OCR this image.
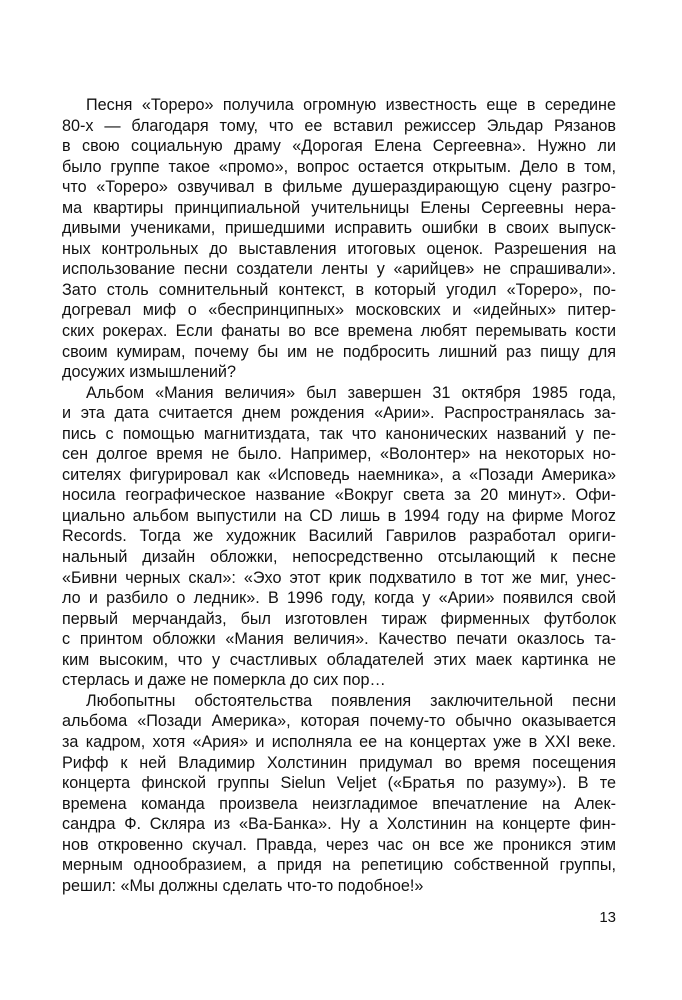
Песня «Тореро» получила огромную известность еще в середине
80-х — благодаря тому, что ее вставил режиссер Эльдар Рязанов
в свою социальную драму «Дорогая Елена Сергеевна». Нужно ли
было группе такое «промо», вопрос остается открытым. Дело в том,
что «Тореро» озвучивал в фильме душераздирающую сцену разгро-
ма квартиры принципиальной учительницы Елены Сергеевны нера-
дивыми учениками, пришедшими исправить ошибки в своих выпуск-
ных контрольных до выставления итоговых оценок. Разрешения на
использование песни создатели ленты у «арийцев» не спрашивали».
Зато столь сомнительный контекст, в который угодил «Тореро», по-
догревал миф о «беспринципных» московских и «идейных» питер-
ских рокерах. Если фанаты во все времена любят перемывать кости
своим кумирам, почему бы им не подбросить лишний раз пищу для
досужих измышлений?
Альбом «Мания величия» был завершен 31 октября 1985 года,
и эта дата считается днем рождения «Арии». Распространялась за-
пись с помощью магнитиздата, так что канонических названий у пе-
сен долгое время не было. Например, «Волонтер» на некоторых но-
сителях фигурировал как «Исповедь наемника», а «Позади Америка»
носила географическое название «Вокруг света за 20 минут». Офи-
циально альбом выпустили на CD лишь в 1994 году на фирме Moroz
Records. Тогда же художник Василий Гаврилов разработал ориги-
нальный дизайн обложки, непосредственно отсылающий к песне
«Бивни черных скал»: «Эхо этот крик подхватило в тот же миг, унес-
ло и разбило о ледник». В 1996 году, когда у «Арии» появился свой
первый мерчандайз, был изготовлен тираж фирменных футболок
с принтом обложки «Мания величия». Качество печати оказлось та-
ким высоким, что у счастливых обладателей этих маек картинка не
стерлась и даже не померкла до сих пор…
Любопытны обстоятельства появления заключительной песни
альбома «Позади Америка», которая почему-то обычно оказывается
за кадром, хотя «Ария» и исполняла ее на концертах уже в XXI веке.
Рифф к ней Владимир Холстинин придумал во время посещения
концерта финской группы Sielun Veljet («Братья по разуму»). В те
времена команда произвела неизгладимое впечатление на Алек-
сандра Ф. Скляра из «Ва-Банка». Ну а Холстинин на концерте фин-
нов откровенно скучал. Правда, через час он все же проникся этим
мерным однообразием, а придя на репетицию собственной группы,
решил: «Мы должны сделать что-то подобное!»
13
